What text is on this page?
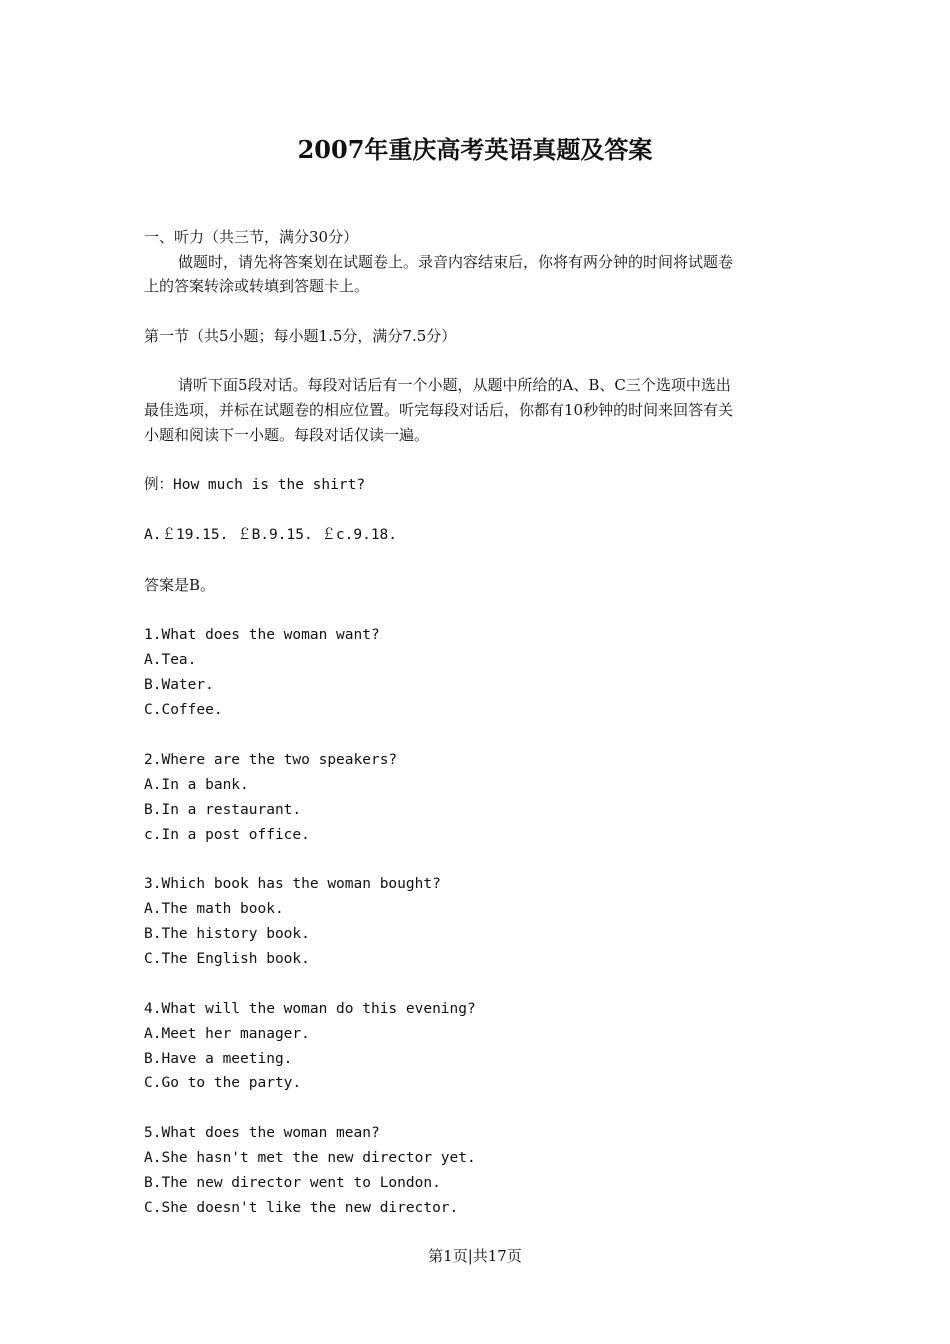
2007年重庆高考英语真题及答案
一、听力（共三节，满分30分）
做题时，请先将答案划在试题卷上。录音内容结束后，你将有两分钟的时间将试题卷
上的答案转涂或转填到答题卡上。
第一节（共5小题；每小题1.5分，满分7.5分）
请听下面5段对话。每段对话后有一个小题，从题中所给的A、B、C三个选项中选出
最佳选项，并标在试题卷的相应位置。听完每段对话后，你都有10秒钟的时间来回答有关
小题和阅读下一小题。每段对话仅读一遍。
例：How much is the shirt?
A.￡19.15. ￡B.9.15. ￡c.9.18.
答案是B。
1.What does the woman want?
A.Tea.
B.Water.
C.Coffee.
2.Where are the two speakers?
A.In a bank.
B.In a restaurant.
c.In a post office.
3.Which book has the woman bought?
A.The math book.
B.The history book.
C.The English book.
4.What will the woman do this evening?
A.Meet her manager.
B.Have a meeting.
C.Go to the party.
5.What does the woman mean?
A.She hasn't met the new director yet.
B.The new director went to London.
C.She doesn't like the new director.
第1页|共17页
